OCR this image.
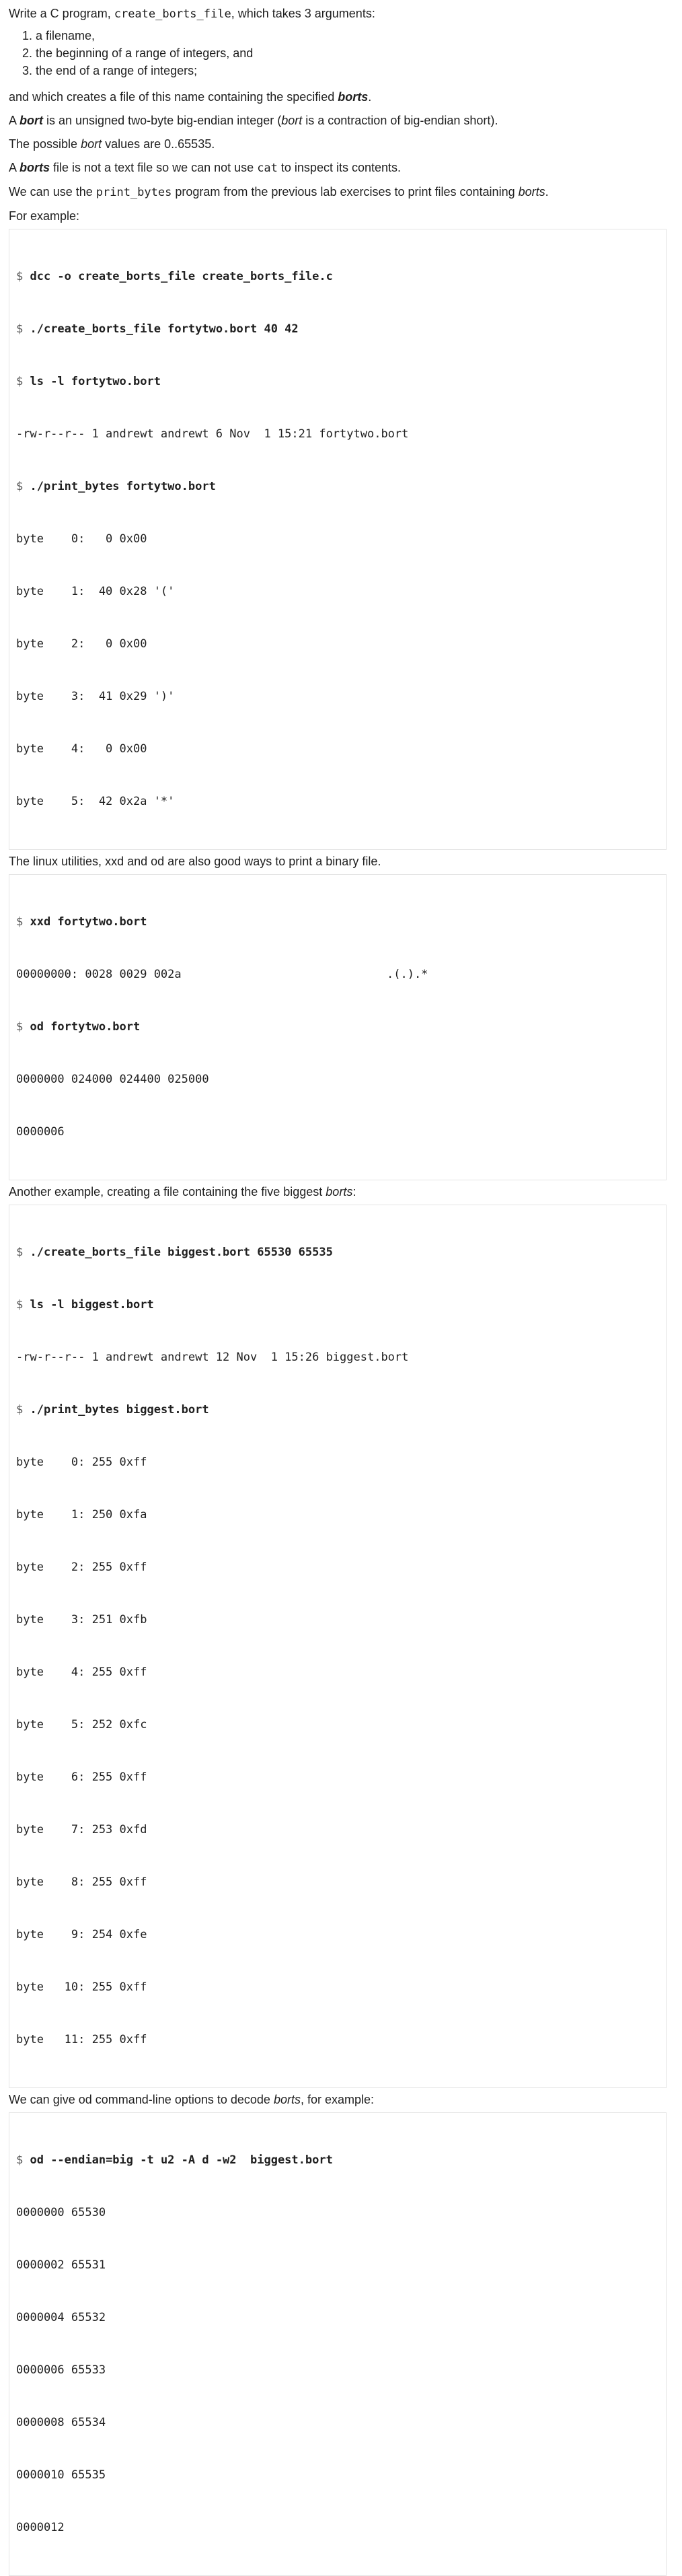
Write a C program, create_borts_file, which takes 3 arguments:

1. a filename,
2. the beginning of a range of integers, and
3. the end of a range of integers;

and which creates a file of this name containing the specified borts.

A bort is an unsigned two-byte big-endian integer (bort is a contraction of big-endian short).

The possible bort values are 0..65535.

A borts file is not a text file so we can not use cat to inspect its contents.

We can use the print_bytes program from the previous lab exercises to print files containing borts.

For example:

$ dcc -o create_borts_file create_borts_file.c

$ ./create_borts_file fortytwo.bort 40 42

$ ls -l fortytwo.bort

-rw-r--r-- 1 andrewt andrewt 6 Nov  1 15:21 fortytwo.bort

$ ./print_bytes fortytwo.bort

byte    0:   0 0x00

byte    1:  40 0x28 '('

byte    2:   0 0x00

byte    3:  41 0x29 ')'

byte    4:   0 0x00

byte    5:  42 0x2a '*'

The linux utilities, xxd and od are also good ways to print a binary file.

$ xxd fortytwo.bort

00000000: 0028 0029 002a	.(.).*

$ od fortytwo.bort

0000000 024000 024400 025000

0000006

Another example, creating a file containing the five biggest borts:

$ ./create_borts_file biggest.bort 65530 65535

$ ls -l biggest.bort

-rw-r--r-- 1 andrewt andrewt 12 Nov  1 15:26 biggest.bort

$ ./print_bytes biggest.bort

byte    0: 255 0xff

byte    1: 250 0xfa

byte    2: 255 0xff

byte    3: 251 0xfb

byte    4: 255 0xff

byte    5: 252 0xfc

byte    6: 255 0xff

byte    7: 253 0xfd

byte    8: 255 0xff

byte    9: 254 0xfe

byte   10: 255 0xff

byte   11: 255 0xff

We can give od command-line options to decode borts, for example:

$ od --endian=big -t u2 -A d -w2  biggest.bort

0000000 65530

0000002 65531

0000004 65532

0000006 65533

0000008 65534

0000010 65535

0000012
